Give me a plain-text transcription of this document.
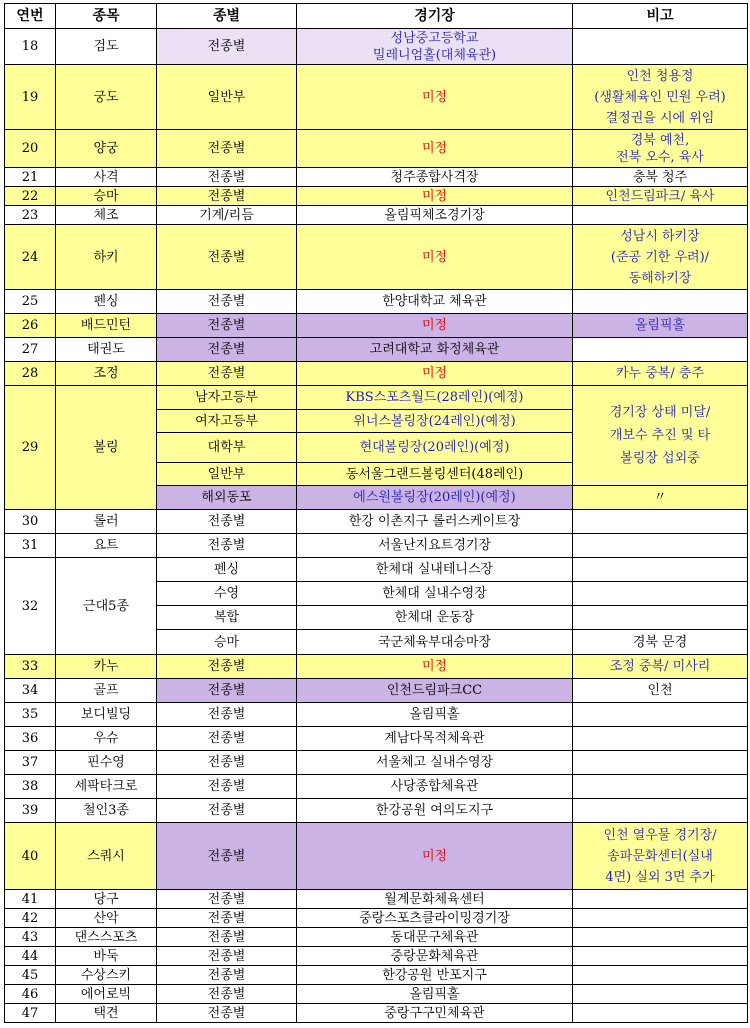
연번	종목	종별	경기장	비고
18	검도	전종별	성남중고등학교
밀레니엄홀(대체육관)	

19	궁도	일반부	미정	인천 청용정
(생활체육인 민원 우려)
결정권을 시에 위임

20	양궁	전종별	미정	경북 예천,
전북 오수, 육사

21	사격	전종별	청주종합사격장	충북 청주
22	승마	전종별	미정	인천드림파크/ 육사
23	체조	기계/리듬	올림픽체조경기장	
24	하키	전종별	미정	성남시 하키장
(준공 기한 우려)/
동해하키장

25	펜싱	전종별	한양대학교 체육관	
26	배드민턴	전종별	미정	올림픽홀
27	태권도	전종별	고려대학교 화정체육관	
28	조정	전종별	미정	카누 중복/ 충주
29	볼링	남자고등부	KBS스포츠월드(28레인)(예정)	경기장 상태 미달/
개보수 추진 및 타
볼링장 섭외중

		여자고등부	위너스볼링장(24레인)(예정)	
		대학부	현대볼링장(20레인)(예정)	
		일반부	동서울그랜드볼링센터(48레인)	
		해외동포	에스원볼링장(20레인)(예정)	〃
30	롤러	전종별	한강 이촌지구 롤러스케이트장	
31	요트	전종별	서울난지요트경기장	
32	근대5종	펜싱	한체대 실내테니스장	
		수영	한체대 실내수영장	
		복합	한체대 운동장	
		승마	국군체육부대승마장	경북 문경
33	카누	전종별	미정	조정 중복/ 미사리
34	골프	전종별	인천드림파크CC	인천
35	보디빌딩	전종별	올림픽홀	
36	우슈	전종별	계남다목적체육관	
37	핀수영	전종별	서울체고 실내수영장	
38	세팍타크로	전종별	사당종합체육관	
39	철인3종	전종별	한강공원 여의도지구	
40	스쿼시	전종별	미정	인천 열우물 경기장/
송파문화센터(실내
4면) 실외 3면 추가

41	당구	전종별	월계문화체육센터	
42	산악	전종별	중랑스포츠클라이밍경기장	
43	댄스스포츠	전종별	동대문구체육관	
44	바둑	전종별	중랑문화체육관	
45	수상스키	전종별	한강공원 반포지구	
46	에어로빅	전종별	올림픽홀	
47	택견	전종별	중랑구구민체육관	
